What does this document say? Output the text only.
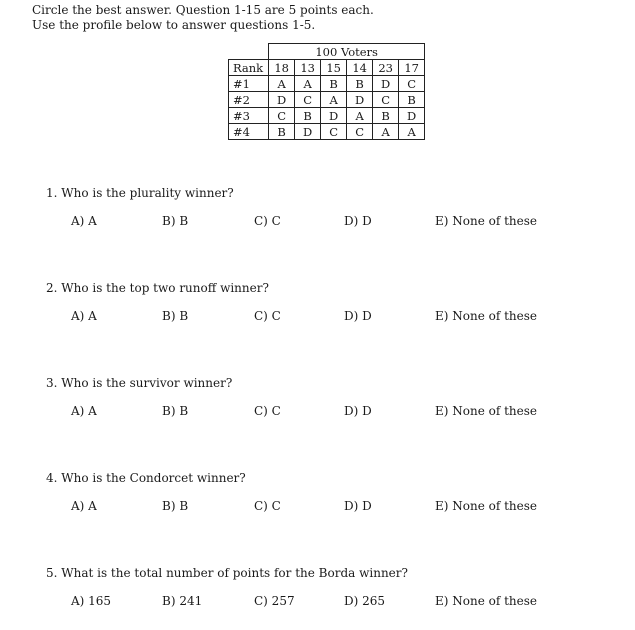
Circle the best answer. Question 1-15 are 5 points each.
Use the profile below to answer questions 1-5.
	100 Voters					
Rank	18	13	15	14	23	17
#1	A	A	B	B	D	C
#2	D	C	A	D	C	B
#3	C	B	D	A	B	D
#4	B	D	C	C	A	A
1. Who is the plurality winner?
A) A	B) B	C) C	D) D	E) None of these
2. Who is the top two runoff winner?
A) A	B) B	C) C	D) D	E) None of these
3. Who is the survivor winner?
A) A	B) B	C) C	D) D	E) None of these
4. Who is the Condorcet winner?
A) A	B) B	C) C	D) D	E) None of these
5. What is the total number of points for the Borda winner?
A) 165	B) 241	C) 257	D) 265	E) None of these
